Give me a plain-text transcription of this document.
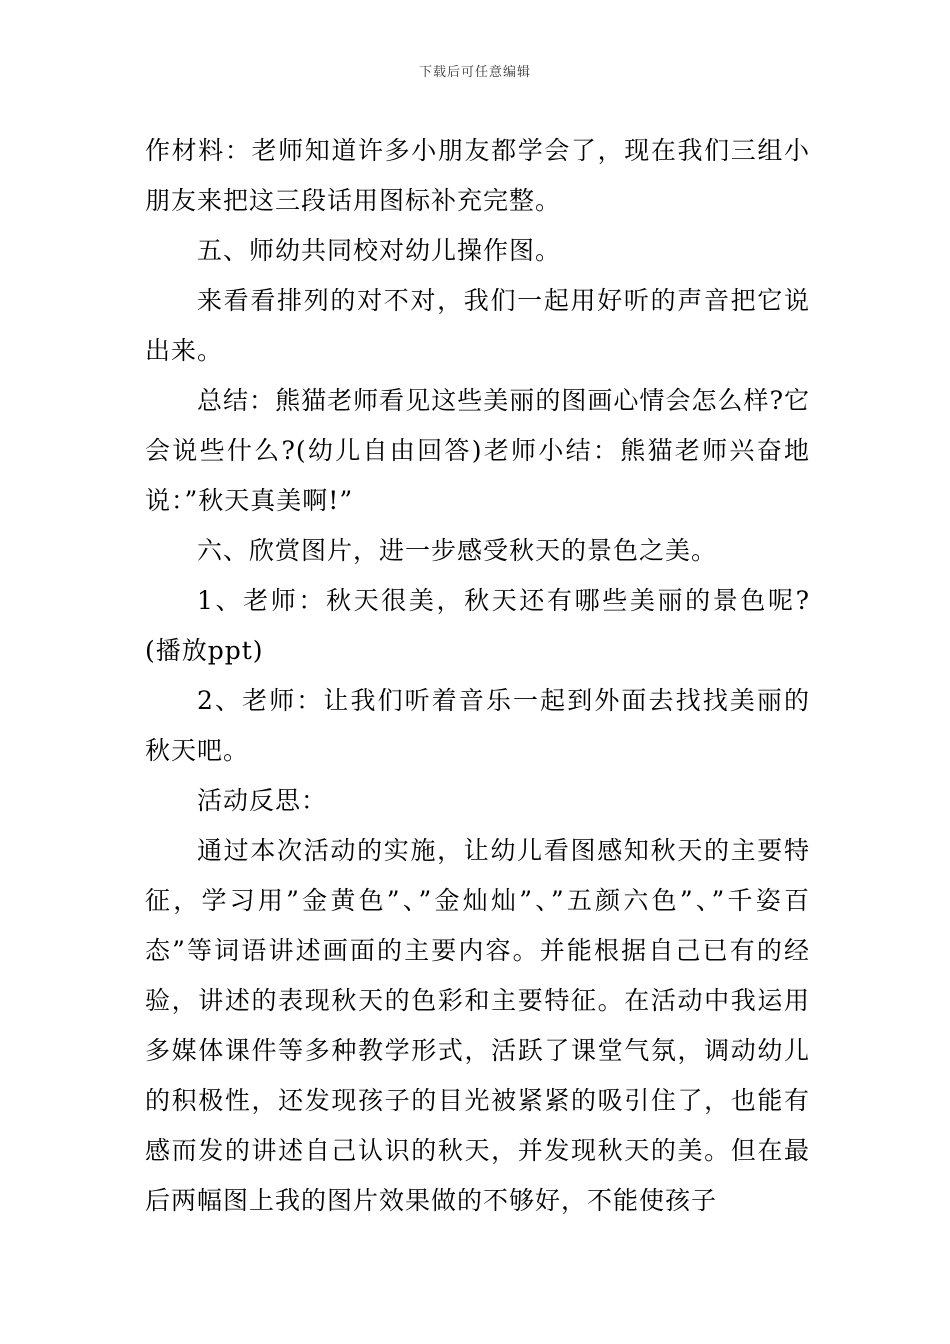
下载后可任意编辑

作材料：老师知道许多小朋友都学会了，现在我们三组小朋友来把这三段话用图标补充完整。

五、师幼共同校对幼儿操作图。

来看看排列的对不对，我们一起用好听的声音把它说出来。

总结：熊猫老师看见这些美丽的图画心情会怎么样?它会说些什么?(幼儿自由回答)老师小结：熊猫老师兴奋地说：”秋天真美啊!”

六、欣赏图片，进一步感受秋天的景色之美。

1、老师：秋天很美，秋天还有哪些美丽的景色呢?(播放ppt)

2、老师：让我们听着音乐一起到外面去找找美丽的秋天吧。

活动反思：

通过本次活动的实施，让幼儿看图感知秋天的主要特征，学习用”金黄色”、”金灿灿”、”五颜六色”、”千姿百态”等词语讲述画面的主要内容。并能根据自己已有的经验，讲述的表现秋天的色彩和主要特征。在活动中我运用多媒体课件等多种教学形式，活跃了课堂气氛，调动幼儿的积极性，还发现孩子的目光被紧紧的吸引住了，也能有感而发的讲述自己认识的秋天，并发现秋天的美。但在最后两幅图上我的图片效果做的不够好，不能使孩子
